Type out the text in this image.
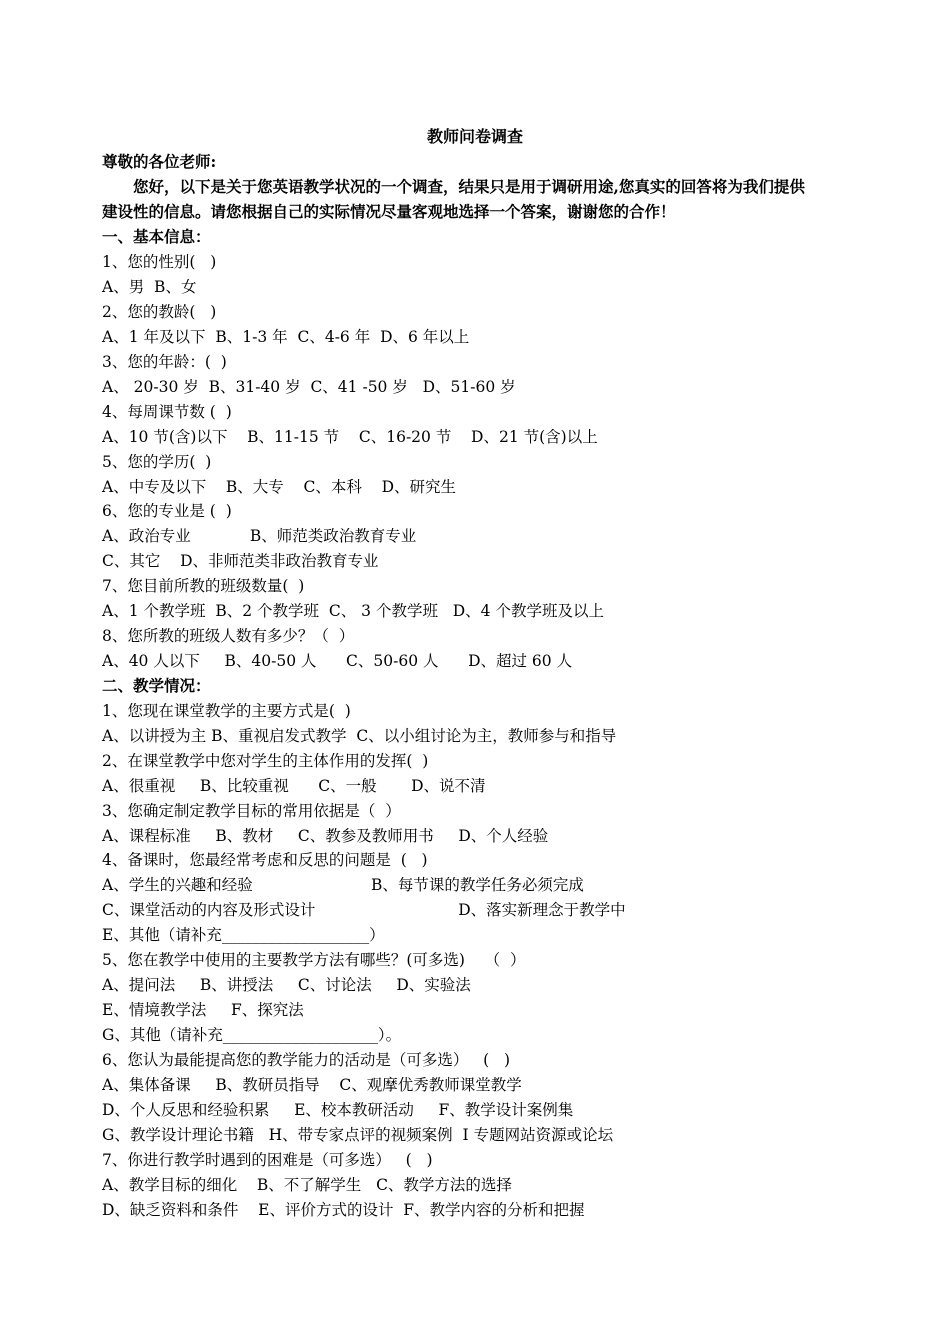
教师问卷调查
尊敬的各位老师:
您好，以下是关于您英语教学状况的一个调查，结果只是用于调研用途,您真实的回答将为我们提供
建设性的信息。请您根据自己的实际情况尽量客观地选择一个答案，谢谢您的合作！
一、基本信息：
1、您的性别(   )
A、男  B、女
2、您的教龄(   )
A、1 年及以下  B、1-3 年  C、4-6 年  D、6 年以上
3、您的年龄：(  )
A、 20-30 岁  B、31-40 岁  C、41 -50 岁   D、51-60 岁
4、每周课节数 (  )
A、10 节(含)以下    B、11-15 节    C、16-20 节    D、21 节(含)以上
5、您的学历(  )
A、中专及以下    B、大专    C、本科    D、研究生
6、您的专业是 (  )
A、政治专业            B、师范类政治教育专业
C、其它    D、非师范类非政治教育专业
7、您目前所教的班级数量(  )
A、1 个教学班  B、2 个教学班  C、 3 个教学班   D、4 个教学班及以上
8、您所教的班级人数有多少？（  ）
A、40 人以下     B、40-50 人      C、50-60 人      D、超过 60 人
二、教学情况：
1、您现在课堂教学的主要方式是(  )
A、以讲授为主 B、重视启发式教学  C、以小组讨论为主，教师参与和指导
2、在课堂教学中您对学生的主体作用的发挥(  )
A、很重视     B、比较重视      C、一般       D、说不清
3、您确定制定教学目标的常用依据是（  ）
A、课程标准     B、教材     C、教参及教师用书     D、个人经验
4、备课时，您最经常考虑和反思的问题是  (   )
A、学生的兴趣和经验                        B、每节课的教学任务必须完成
C、课堂活动的内容及形式设计                             D、落实新理念于教学中
E、其他（请补充___________________）
5、您在教学中使用的主要教学方法有哪些？(可多选)    （  ）
A、提问法     B、讲授法     C、讨论法     D、实验法
E、情境教学法     F、探究法
G、其他（请补充____________________）。
6、您认为最能提高您的教学能力的活动是（可多选）   (   )
A、集体备课     B、教研员指导    C、观摩优秀教师课堂教学
D、个人反思和经验积累     E、校本教研活动     F、教学设计案例集
G、教学设计理论书籍   H、带专家点评的视频案例  I 专题网站资源或论坛
7、你进行教学时遇到的困难是（可多选）   (   )
A、教学目标的细化    B、不了解学生   C、教学方法的选择
D、缺乏资料和条件    E、评价方式的设计  F、教学内容的分析和把握
